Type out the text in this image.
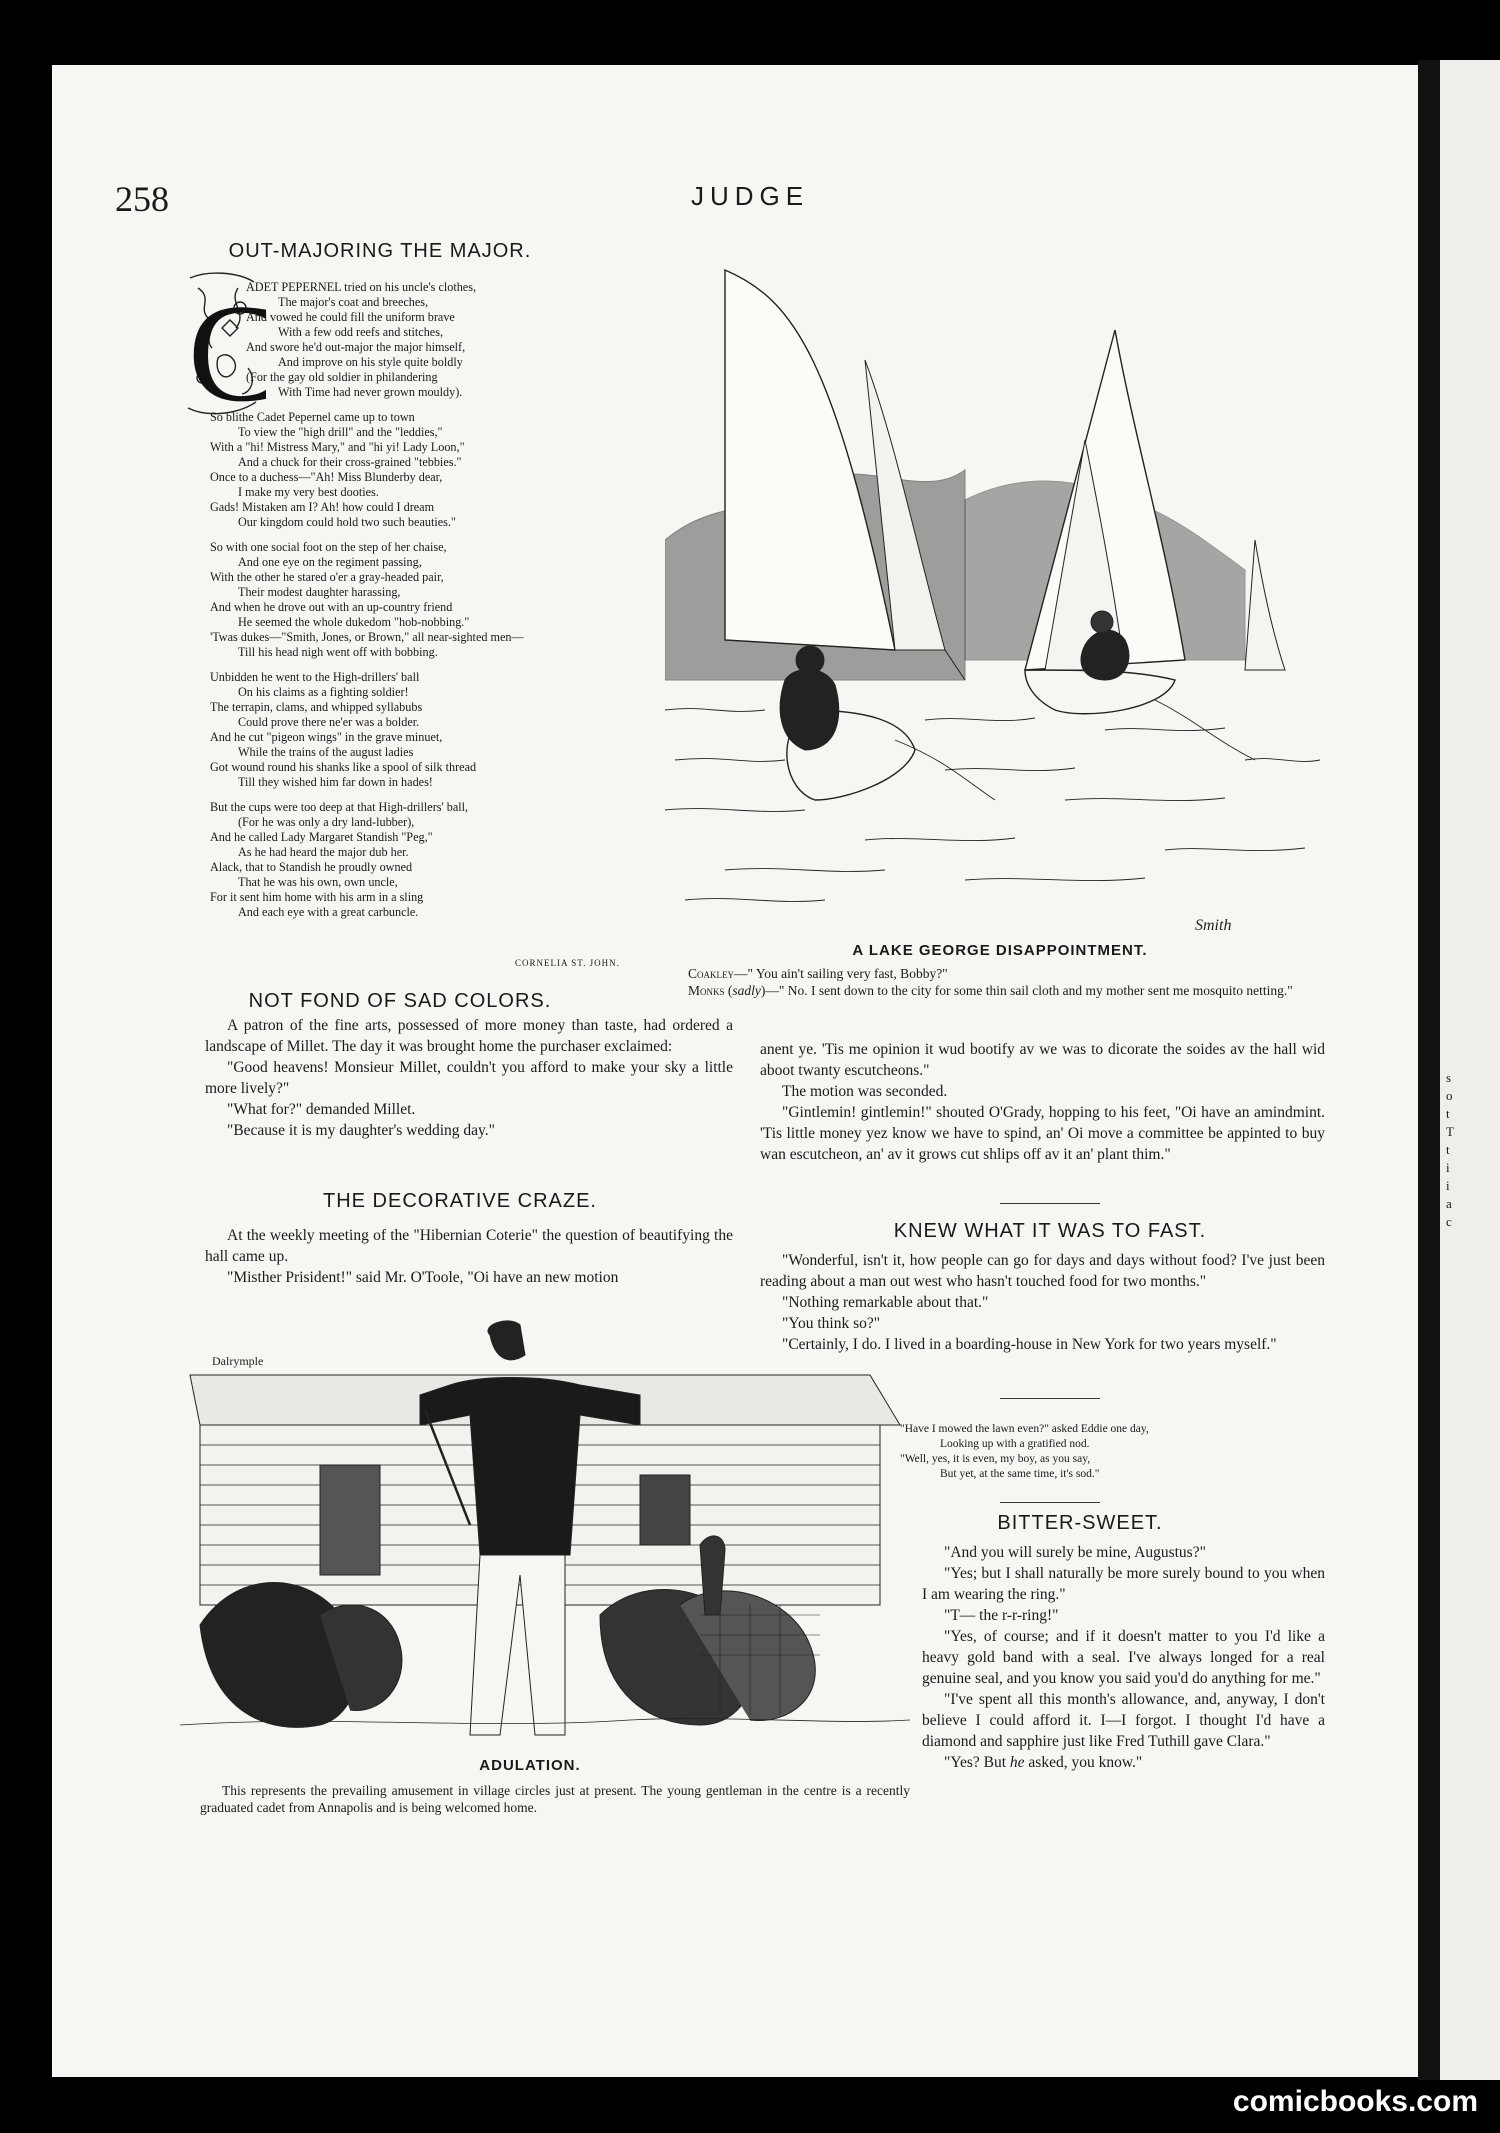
s
o
t
T
t
i
i
a
c
258	JUDGE
OUT-MAJORING THE MAJOR.
C
ADET PEPERNEL tried on his uncle's clothes,
The major's coat and breeches,
And vowed he could fill the uniform brave
With a few odd reefs and stitches,
And swore he'd out-major the major himself,
And improve on his style quite boldly
(For the gay old soldier in philandering
With Time had never grown mouldy).
So blithe Cadet Pepernel came up to town
To view the "high drill" and the "leddies,"
With a "hi! Mistress Mary," and "hi yi! Lady Loon,"
And a chuck for their cross-grained "tebbies."
Once to a duchess—"Ah! Miss Blunderby dear,
I make my very best dooties.
Gads! Mistaken am I? Ah! how could I dream
Our kingdom could hold two such beauties."
So with one social foot on the step of her chaise,
And one eye on the regiment passing,
With the other he stared o'er a gray-headed pair,
Their modest daughter harassing,
And when he drove out with an up-country friend
He seemed the whole dukedom "hob-nobbing."
'Twas dukes—"Smith, Jones, or Brown," all near-sighted men—
Till his head nigh went off with bobbing.
Unbidden he went to the High-drillers' ball
On his claims as a fighting soldier!
The terrapin, clams, and whipped syllabubs
Could prove there ne'er was a bolder.
And he cut "pigeon wings" in the grave minuet,
While the trains of the august ladies
Got wound round his shanks like a spool of silk thread
Till they wished him far down in hades!
But the cups were too deep at that High-drillers' ball,
(For he was only a dry land-lubber),
And he called Lady Margaret Standish "Peg,"
As he had heard the major dub her.
Alack, that to Standish he proudly owned
That he was his own, own uncle,
For it sent him home with his arm in a sling
And each eye with a great carbuncle.
CORNELIA ST. JOHN.
Smith
A LAKE GEORGE DISAPPOINTMENT.
Coakley—" You ain't sailing very fast, Bobby?"
Monks (sadly)—" No. I sent down to the city for some thin sail cloth and my mother sent me mosquito netting."
NOT FOND OF SAD COLORS.

A patron of the fine arts, possessed of more money than taste, had ordered a landscape of Millet. The day it was brought home the purchaser exclaimed:

"Good heavens! Monsieur Millet, couldn't you afford to make your sky a little more lively?"

"What for?" demanded Millet.

"Because it is my daughter's wedding day."

THE DECORATIVE CRAZE.

At the weekly meeting of the "Hibernian Coterie" the question of beautifying the hall came up.

"Misther Prisident!" said Mr. O'Toole, "Oi have an new motion

anent ye. 'Tis me opinion it wud bootify av we was to dicorate the soides av the hall wid aboot twanty escutcheons."

The motion was seconded.

"Gintlemin! gintlemin!" shouted O'Grady, hopping to his feet, "Oi have an amindmint. 'Tis little money yez know we have to spind, an' Oi move a committee be appinted to buy wan escutcheon, an' av it grows cut shlips off av it an' plant thim."

KNEW WHAT IT WAS TO FAST.

"Wonderful, isn't it, how people can go for days and days without food? I've just been reading about a man out west who hasn't touched food for two months."

"Nothing remarkable about that."

"You think so?"

"Certainly, I do. I lived in a boarding-house in New York for two years myself."

"Have I mowed the lawn even?" asked Eddie one day,
Looking up with a gratified nod.
"Well, yes, it is even, my boy, as you say,
But yet, at the same time, it's sod."
BITTER-SWEET.

"And you will surely be mine, Augustus?"

"Yes; but I shall naturally be more surely bound to you when I am wearing the ring."

"T— the r-r-ring!"

"Yes, of course; and if it doesn't matter to you I'd like a heavy gold band with a seal. I've always longed for a real genuine seal, and you know you said you'd do anything for me."

"I've spent all this month's allowance, and, anyway, I don't believe I could afford it. I—I forgot. I thought I'd have a diamond and sapphire just like Fred Tuthill gave Clara."

"Yes? But he asked, you know."

Dalrymple
ADULATION.
This represents the prevailing amusement in village circles just at present. The young gentleman in the centre is a recently graduated cadet from Annapolis and is being welcomed home.
comicbooks.com
